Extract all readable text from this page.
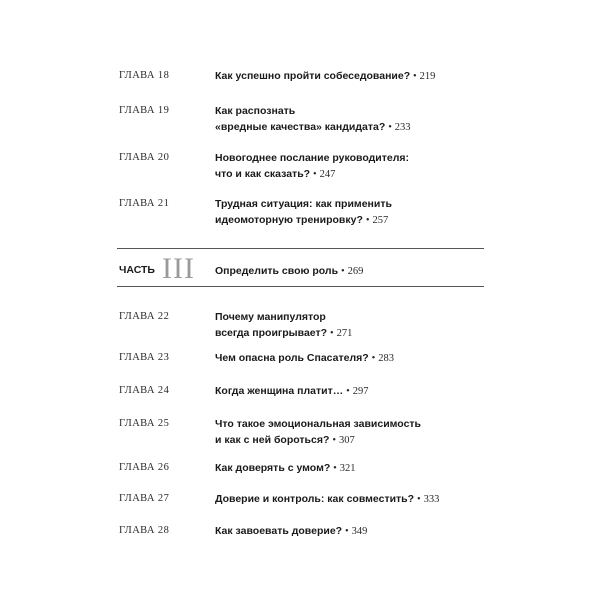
ГЛАВА 18	Как успешно пройти собеседование? • 219
ГЛАВА 19	Как распознать
«вредные качества» кандидата? • 233
ГЛАВА 20	Новогоднее послание руководителя:
что и как сказать? • 247
ГЛАВА 21	Трудная ситуация: как применить
идеомоторную тренировку? • 257
ЧАСТЬ III Определить свою роль • 269
ГЛАВА 22	Почему манипулятор
всегда проигрывает? • 271
ГЛАВА 23	Чем опасна роль Спасателя? • 283
ГЛАВА 24	Когда женщина платит… • 297
ГЛАВА 25	Что такое эмоциональная зависимость
и как с ней бороться? • 307
ГЛАВА 26	Как доверять с умом? • 321
ГЛАВА 27	Доверие и контроль: как совместить? • 333
ГЛАВА 28	Как завоевать доверие? • 349
